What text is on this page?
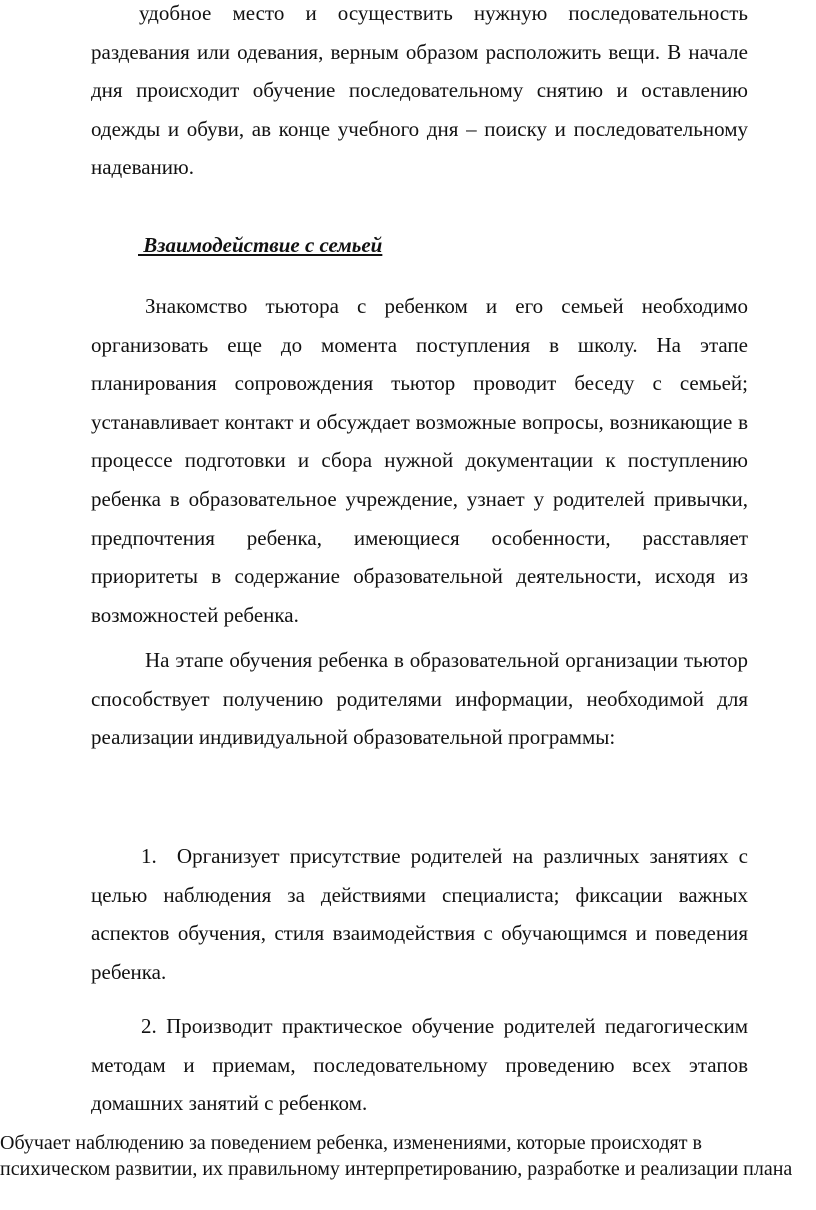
удобное место и осуществить нужную последовательность раздевания или одевания, верным образом расположить вещи. В начале дня происходит обучение последовательному снятию и оставлению одежды и обуви, ав конце учебного дня – поиску и последовательному надеванию.

Взаимодействие с семьей

Знакомство тьютора с ребенком и его семьей необходимо организовать еще до момента поступления в школу. На этапе планирования сопровождения тьютор проводит беседу с семьей; устанавливает контакт и обсуждает возможные вопросы, возникающие в процессе подготовки и сбора нужной документации к поступлению ребенка в образовательное учреждение, узнает у родителей привычки, предпочтения ребенка, имеющиеся особенности, расставляет приоритеты в содержание образовательной деятельности, исходя из возможностей ребенка.

На этапе обучения ребенка в образовательной организации тьютор способствует получению родителями информации, необходимой для реализации индивидуальной образовательной программы:

1. Организует присутствие родителей на различных занятиях с целью наблюдения за действиями специалиста; фиксации важных аспектов обучения, стиля взаимодействия с обучающимся и поведения ребенка.

2. Производит практическое обучение родителей педагогическим методам и приемам, последовательному проведению всех этапов домашних занятий с ребенком.

Обучает наблюдению за поведением ребенка, изменениями, которые происходят в психическом развитии, их правильному интерпретированию, разработке и реализации плана
